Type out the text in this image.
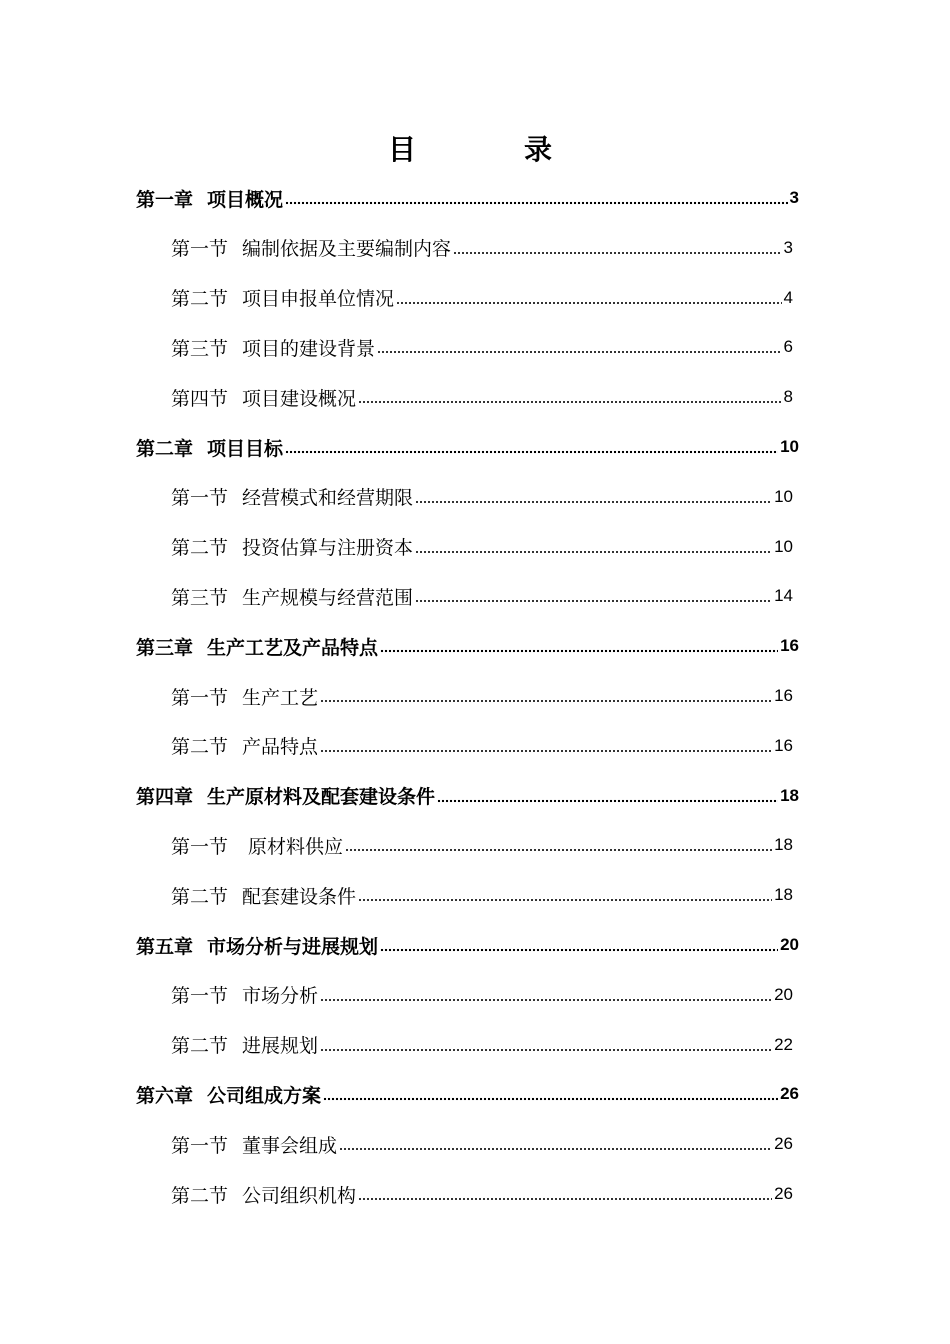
目　录
第一章 项目概况	3
第一节 编制依据及主要编制内容	3
第二节 项目申报单位情况	4
第三节 项目的建设背景	6
第四节 项目建设概况	8
第二章 项目目标	10
第一节 经营模式和经营期限	10
第二节 投资估算与注册资本	10
第三节 生产规模与经营范围	14
第三章 生产工艺及产品特点	16
第一节 生产工艺	16
第二节 产品特点	16
第四章 生产原材料及配套建设条件	18
第一节 原材料供应	18
第二节 配套建设条件	18
第五章 市场分析与进展规划	20
第一节 市场分析	20
第二节 进展规划	22
第六章 公司组成方案	26
第一节 董事会组成	26
第二节 公司组织机构	26
